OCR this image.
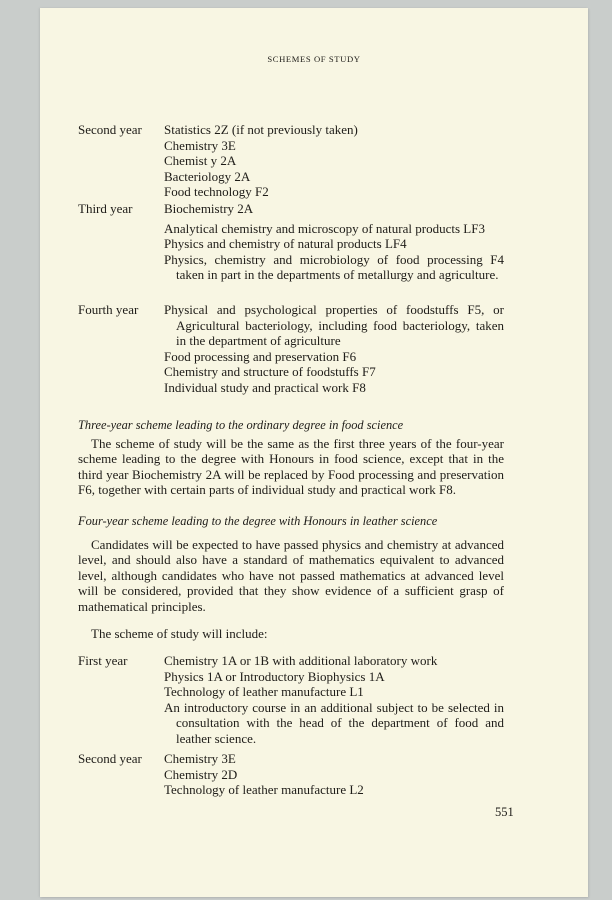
SCHEMES OF STUDY
Second year Statistics 2Z (if not previously taken)
Chemistry 3E
Chemist y 2A
Bacteriology 2A
Food technology F2
Third year Biochemistry 2A
Analytical chemistry and microscopy of natural products LF3
Physics and chemistry of natural products LF4
Physics, chemistry and microbiology of food processing F4 taken in part in the departments of metallurgy and agriculture.
Fourth year Physical and psychological properties of foodstuffs F5, or Agricultural bacteriology, including food bacteriology, taken in the department of agriculture
Food processing and preservation F6
Chemistry and structure of foodstuffs F7
Individual study and practical work F8
Three-year scheme leading to the ordinary degree in food science
The scheme of study will be the same as the first three years of the four-year scheme leading to the degree with Honours in food science, except that in the third year Biochemistry 2A will be replaced by Food processing and preservation F6, together with certain parts of individual study and practical work F8.
Four-year scheme leading to the degree with Honours in leather science
Candidates will be expected to have passed physics and chemistry at advanced level, and should also have a standard of mathematics equivalent to advanced level, although candidates who have not passed mathematics at advanced level will be considered, provided that they show evidence of a sufficient grasp of mathematical principles.
The scheme of study will include:
First year	Chemistry 1A or 1B with additional laboratory work
Physics 1A or Introductory Biophysics 1A
Technology of leather manufacture L1
An introductory course in an additional subject to be selected in consultation with the head of the department of food and leather science.
Second year Chemistry 3E
Chemistry 2D
Technology of leather manufacture L2
551
